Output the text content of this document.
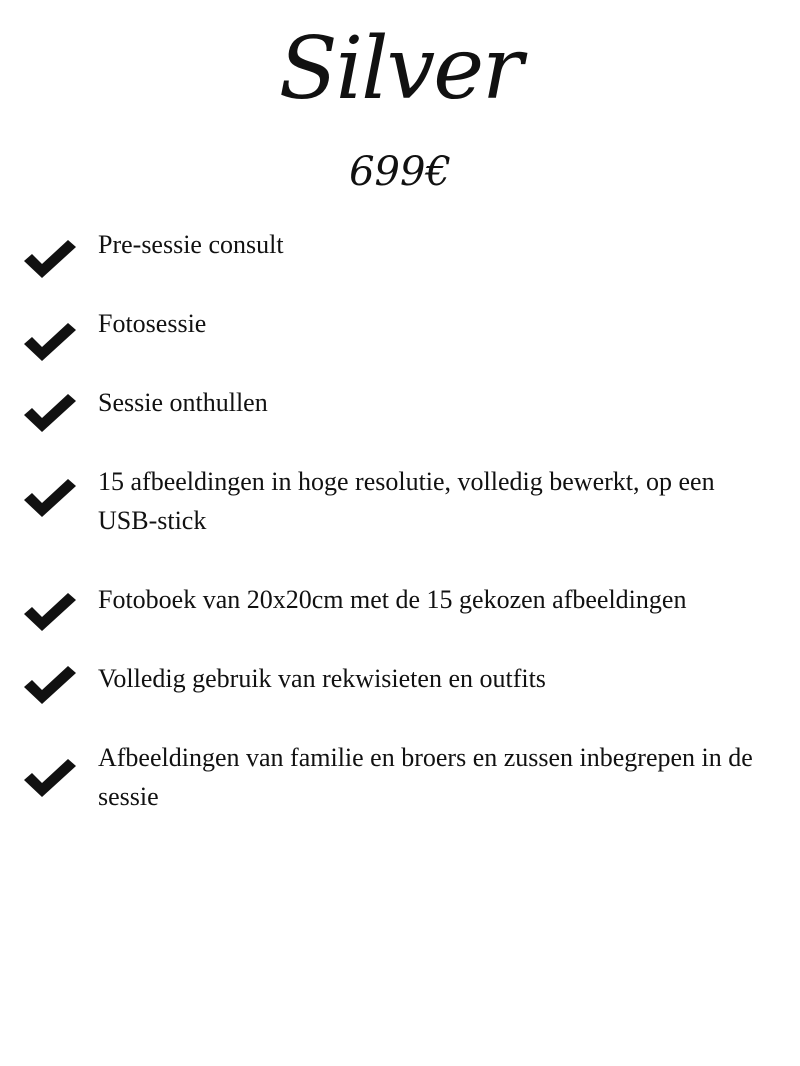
Silver
699€
Pre-sessie consult
Fotosessie
Sessie onthullen
15 afbeeldingen in hoge resolutie, volledig bewerkt, op een USB-stick
Fotoboek van 20x20cm met de 15 gekozen afbeeldingen
Volledig gebruik van rekwisieten en outfits
Afbeeldingen van familie en broers en zussen inbegrepen in de sessie
